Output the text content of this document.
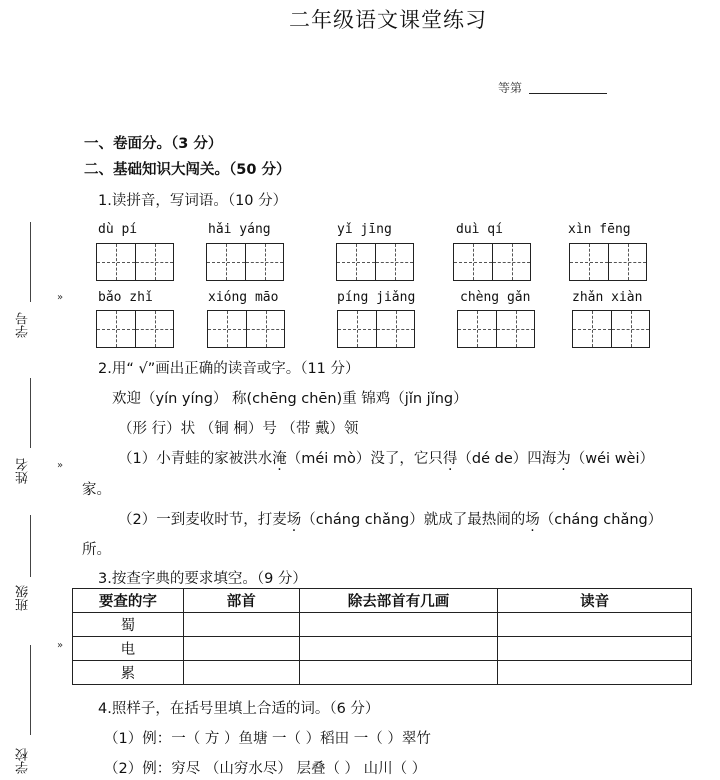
二年级语文课堂练习
等第
学号
姓名
班级
学校
»
»
»
一、卷面分。（3 分）
二、基础知识大闯关。（50 分）
1.读拼音，写词语。（10 分）
dù pí	hǎi yáng	yǐ jīng	duì qí	xìn fēng
bǎo zhǐ	xióng māo	píng jiǎng	chèng gǎn	zhǎn xiàn
2.用“ √”画出正确的读音或字。（11 分）
欢迎（yín yíng） 称(chēng chēn)重 锦鸡（jǐn jǐng）
（形 行）状 （铜 桐）号 （带 戴）领
（1）小青蛙的家被洪水淹（méi mò）没了，它只得（dé de）四海为（wéi wèi）
家。
（2）一到麦收时节，打麦场（cháng chǎng）就成了最热闹的场（cháng chǎng）
所。
3.按查字典的要求填空。（9 分）
要查的字	部首	除去部首有几画	读音
蜀			
电			
累			
4.照样子，在括号里填上合适的词。（6 分）
（1）例：一（ 方 ）鱼塘 一（ ）稻田 一（ ）翠竹
（2）例：穷尽 （山穷水尽） 层叠（ ） 山川（ ）
